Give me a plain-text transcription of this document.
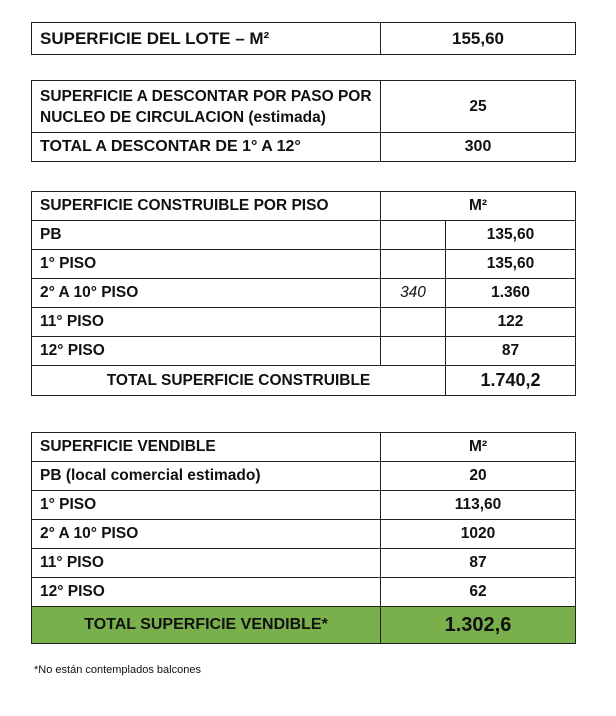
SUPERFICIE DEL LOTE – M²	155,60
SUPERFICIE A DESCONTAR POR PASO POR
NUCLEO DE CIRCULACION (estimada)	25
TOTAL A DESCONTAR DE 1° A 12°	300
SUPERFICIE CONSTRUIBLE POR PISO	M²	
PB		135,60
1° PISO		135,60
2° A 10° PISO	340	1.360
11° PISO		122
12° PISO		87
TOTAL SUPERFICIE CONSTRUIBLE		1.740,2
SUPERFICIE VENDIBLE	M²
PB (local comercial estimado)	20
1° PISO	113,60
2° A 10° PISO	1020
11° PISO	87
12° PISO	62
TOTAL SUPERFICIE VENDIBLE*	1.302,6
*No están contemplados balcones
